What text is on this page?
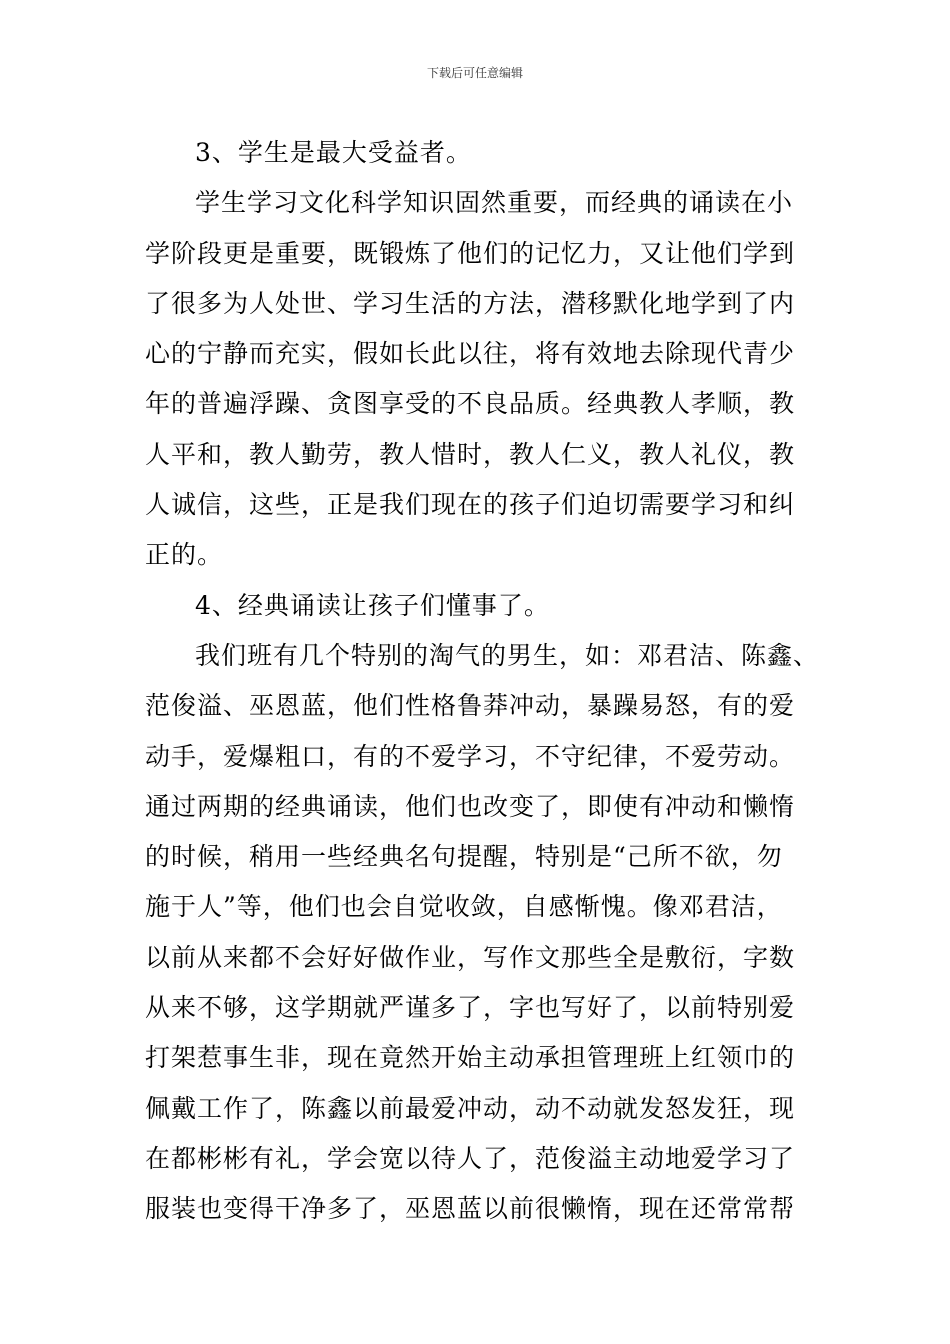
下载后可任意编辑
3、学生是最大受益者。
学生学习文化科学知识固然重要，而经典的诵读在小
学阶段更是重要，既锻炼了他们的记忆力，又让他们学到
了很多为人处世、学习生活的方法，潜移默化地学到了内
心的宁静而充实，假如长此以往，将有效地去除现代青少
年的普遍浮躁、贪图享受的不良品质。经典教人孝顺，教
人平和，教人勤劳，教人惜时，教人仁义，教人礼仪，教
人诚信，这些，正是我们现在的孩子们迫切需要学习和纠
正的。
4、经典诵读让孩子们懂事了。
我们班有几个特别的淘气的男生，如：邓君洁、陈鑫、
范俊溢、巫恩蓝，他们性格鲁莽冲动，暴躁易怒，有的爱
动手，爱爆粗口，有的不爱学习，不守纪律，不爱劳动。
通过两期的经典诵读，他们也改变了，即使有冲动和懒惰
的时候，稍用一些经典名句提醒，特别是“己所不欲，勿
施于人”等，他们也会自觉收敛，自感惭愧。像邓君洁，
以前从来都不会好好做作业，写作文那些全是敷衍，字数
从来不够，这学期就严谨多了，字也写好了，以前特别爱
打架惹事生非，现在竟然开始主动承担管理班上红领巾的
佩戴工作了，陈鑫以前最爱冲动，动不动就发怒发狂，现
在都彬彬有礼，学会宽以待人了，范俊溢主动地爱学习了
服装也变得干净多了，巫恩蓝以前很懒惰，现在还常常帮
